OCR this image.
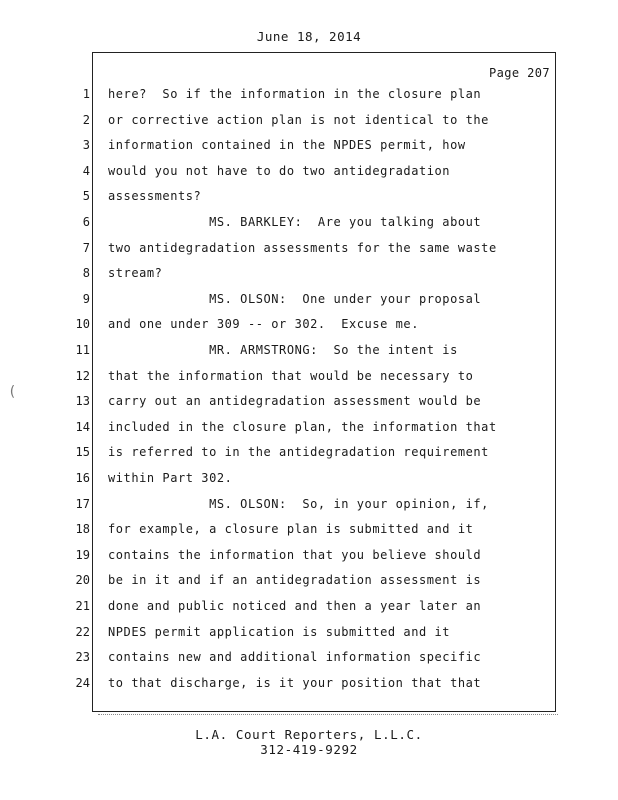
June 18, 2014
Page 207
1 here?  So if the information in the closure plan
2 or corrective action plan is not identical to the
3 information contained in the NPDES permit, how
4 would you not have to do two antidegradation
5 assessments?
6 MS. BARKLEY:  Are you talking about
7 two antidegradation assessments for the same waste
8 stream?
9 MS. OLSON:  One under your proposal
10 and one under 309 -- or 302.  Excuse me.
11 MR. ARMSTRONG:  So the intent is
12 that the information that would be necessary to
13 carry out an antidegradation assessment would be
14 included in the closure plan, the information that
15 is referred to in the antidegradation requirement
16 within Part 302.
17 MS. OLSON:  So, in your opinion, if,
18 for example, a closure plan is submitted and it
19 contains the information that you believe should
20 be in it and if an antidegradation assessment is
21 done and public noticed and then a year later an
22 NPDES permit application is submitted and it
23 contains new and additional information specific
24 to that discharge, is it your position that that
L.A. Court Reporters, L.L.C.
312-419-9292
(
